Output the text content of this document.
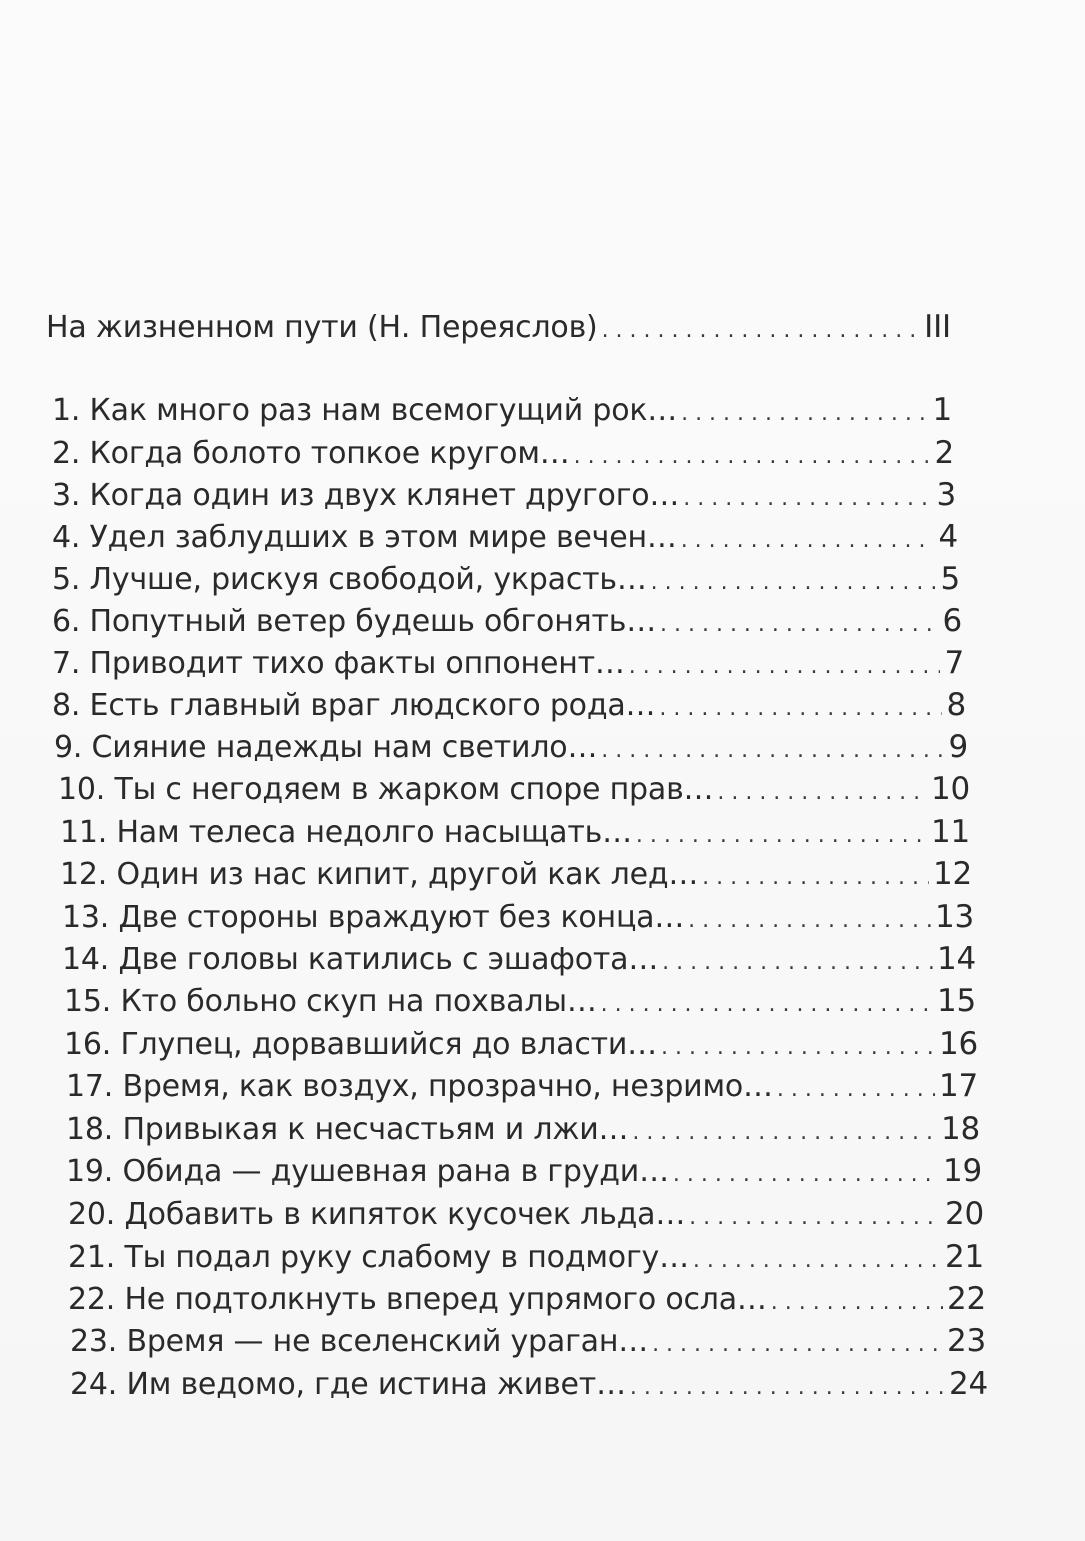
На жизненном пути (Н. Переяслов) . . .	III
1. Как много раз нам всемогущий рок… . . .	1
2. Когда болото топкое кругом… . . .	2
3. Когда один из двух клянет другого… . . .	3
4. Удел заблудших в этом мире вечен… . . .	4
5. Лучше, рискуя свободой, украсть… . . .	5
6. Попутный ветер будешь обгонять… . . .	6
7. Приводит тихо факты оппонент… . . .	7
8. Есть главный враг людского рода… . . .	8
9. Сияние надежды нам светило… . . .	9
10. Ты с негодяем в жарком споре прав… . . .	10
11. Нам телеса недолго насыщать… . . .	11
12. Один из нас кипит, другой как лед… . . .	12
13. Две стороны враждуют без конца… . . .	13
14. Две головы катились с эшафота… . . .	14
15. Кто больно скуп на похвалы… . . .	15
16. Глупец, дорвавшийся до власти… . . .	16
17. Время, как воздух, прозрачно, незримо… . . .	17
18. Привыкая к несчастьям и лжи… . . .	18
19. Обида — душевная рана в груди… . . .	19
20. Добавить в кипяток кусочек льда… . . .	20
21. Ты подал руку слабому в подмогу… . . .	21
22. Не подтолкнуть вперед упрямого осла… . . .	22
23. Время — не вселенский ураган… . . .	23
24. Им ведомо, где истина живет… . . .	24
